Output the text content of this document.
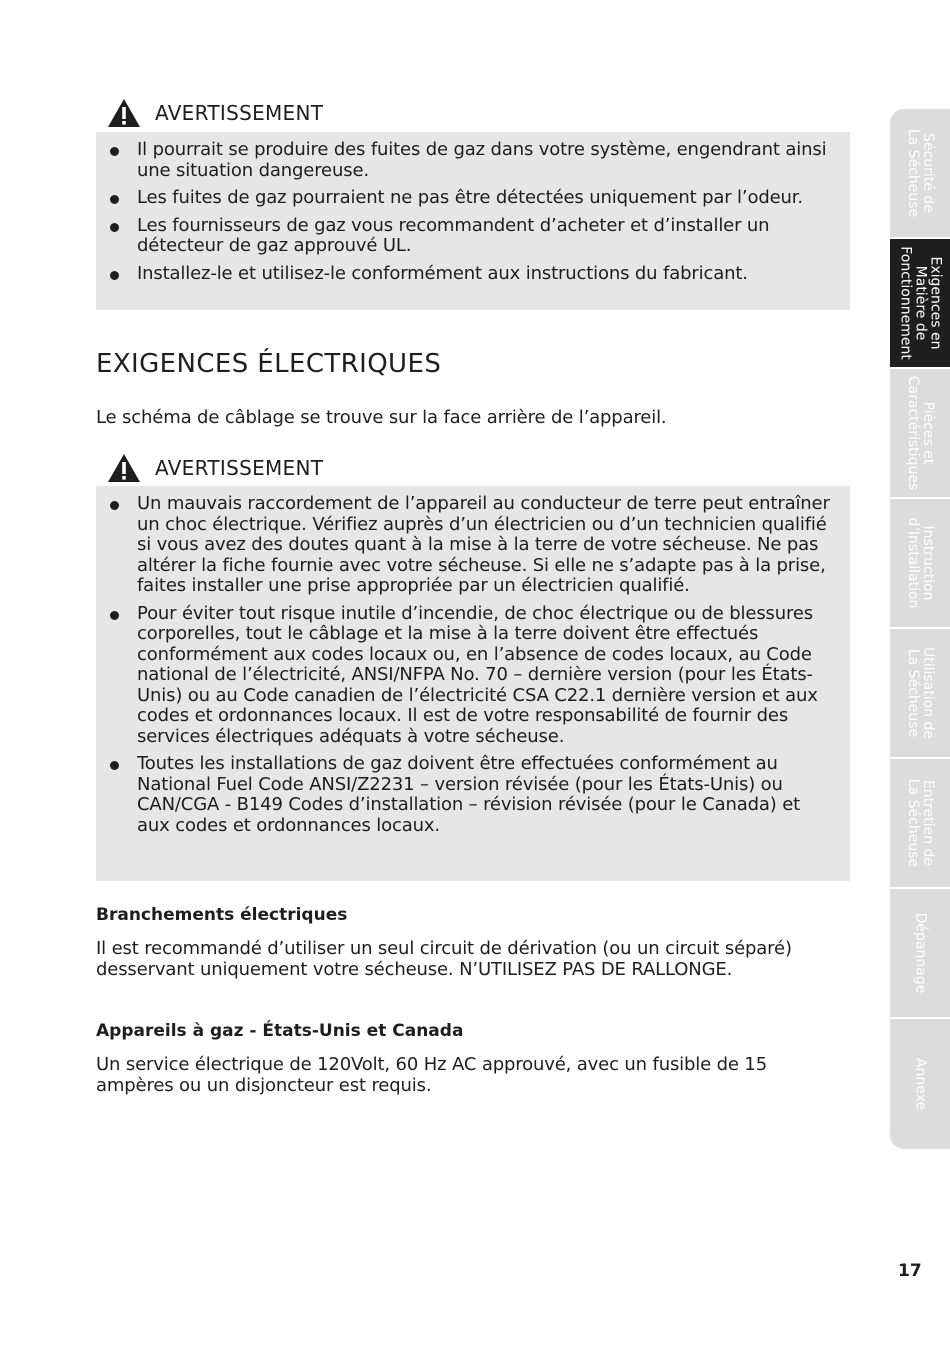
AVERTISSEMENT
Il pourrait se produire des fuites de gaz dans votre système, engendrant ainsi une situation dangereuse.
Les fuites de gaz pourraient ne pas être détectées uniquement par l’odeur.
Les fournisseurs de gaz vous recommandent d’acheter et d’installer un détecteur de gaz approuvé UL.
Installez-le et utilisez-le conformément aux instructions du fabricant.
EXIGENCES ÉLECTRIQUES

Le schéma de câblage se trouve sur la face arrière de l’appareil.

AVERTISSEMENT
Un mauvais raccordement de l’appareil au conducteur de terre peut entraîner un choc électrique. Vérifiez auprès d’un électricien ou d’un technicien qualifié si vous avez des doutes quant à la mise à la terre de votre sécheuse. Ne pas altérer la fiche fournie avec votre sécheuse. Si elle ne s’adapte pas à la prise, faites installer une prise appropriée par un électricien qualifié.
Pour éviter tout risque inutile d’incendie, de choc électrique ou de blessures corporelles, tout le câblage et la mise à la terre doivent être effectués conformément aux codes locaux ou, en l’absence de codes locaux, au Code national de l’électricité, ANSI/NFPA No. 70 – dernière version (pour les États-Unis) ou au Code canadien de l’électricité CSA C22.1 dernière version et aux codes et ordonnances locaux. Il est de votre responsabilité de fournir des services électriques adéquats à votre sécheuse.
Toutes les installations de gaz doivent être effectuées conformément au National Fuel Code ANSI/Z2231 – version révisée (pour les États-Unis) ou CAN/CGA - B149 Codes d’installation – révision révisée (pour le Canada) et aux codes et ordonnances locaux.
Branchements électriques

Il est recommandé d’utiliser un seul circuit de dérivation (ou un circuit séparé) desservant uniquement votre sécheuse. N’UTILISEZ PAS DE RALLONGE.

Appareils à gaz - États-Unis et Canada

Un service électrique de 120Volt, 60 Hz AC approuvé, avec un fusible de 15 ampères ou un disjoncteur est requis.

Sécurité de
La Sécheuse
Exigences en
Matière de
Fonctionnement
Pièces et
Caractéristiques
Instruction
d’Installation
Utilisation de
La Sécheuse
Entretien de
La Sécheuse
Dépannage
Annexe
17
